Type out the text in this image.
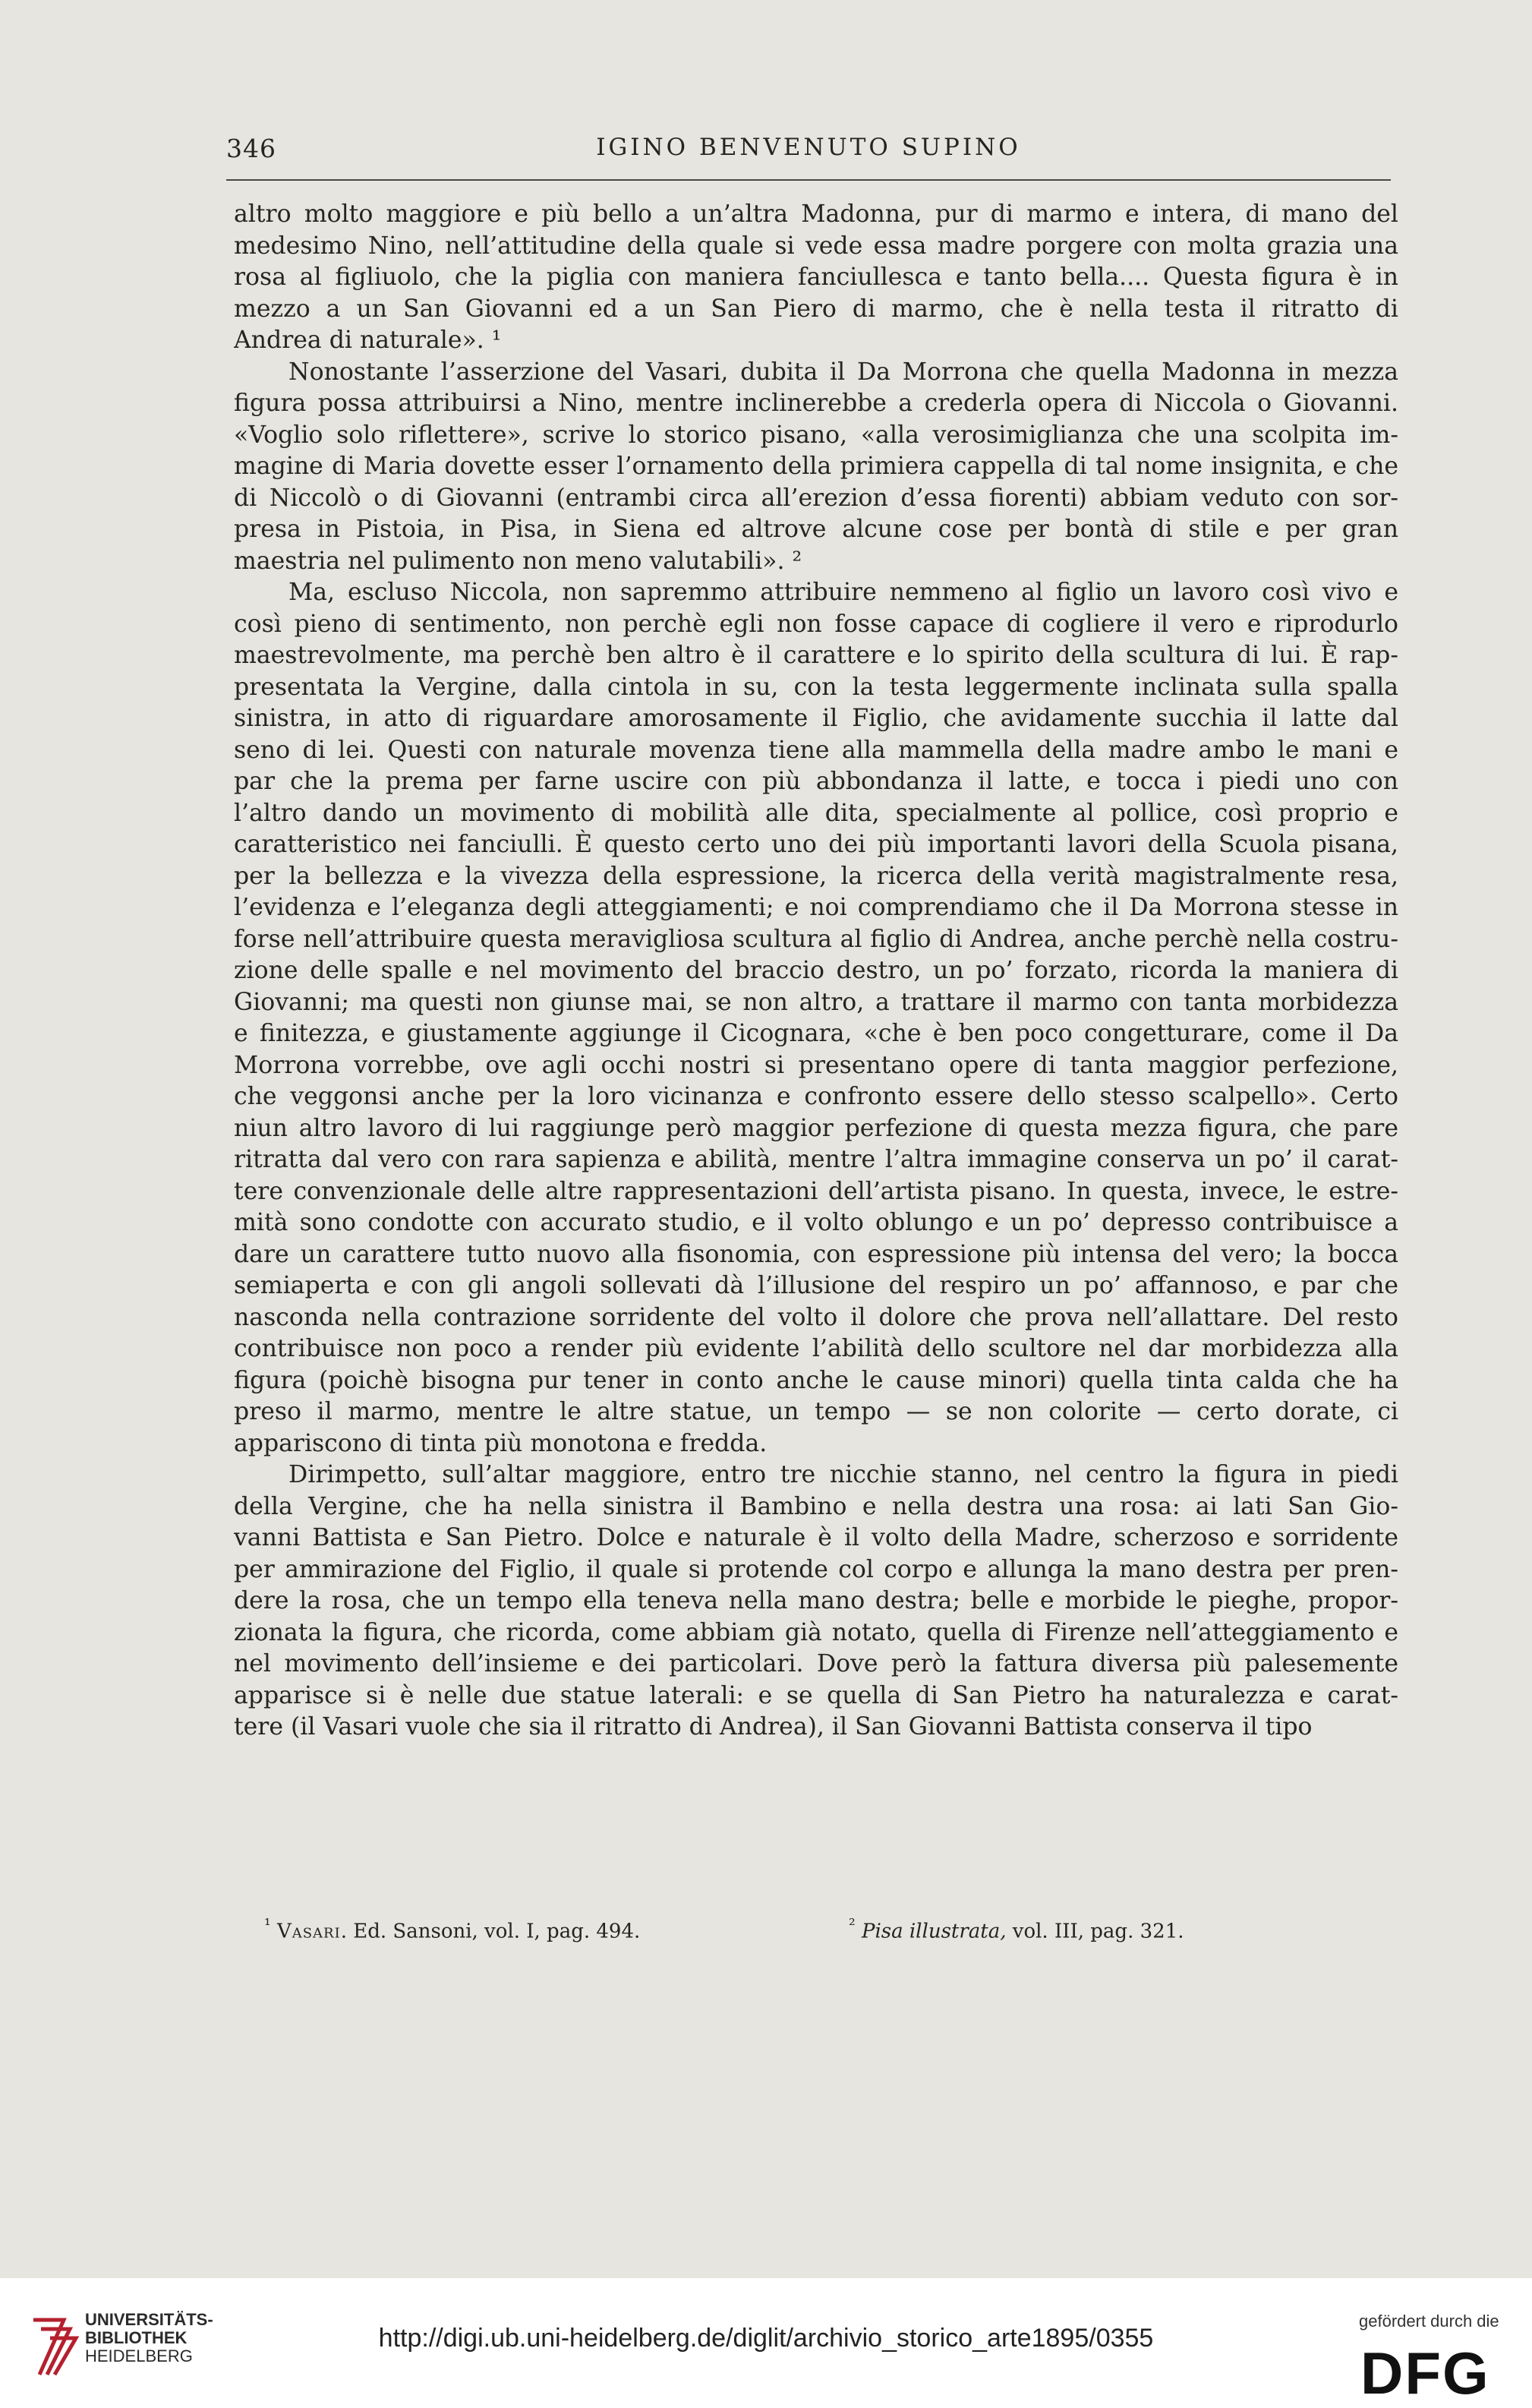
346	IGINO BENVENUTO SUPINO
altro molto maggiore e più bello a un’altra Madonna, pur di marmo e intera, di mano del
medesimo Nino, nell’attitudine della quale si vede essa madre porgere con molta grazia una
rosa al figliuolo, che la piglia con maniera fanciullesca e tanto bella.... Questa figura è in
mezzo a un San Giovanni ed a un San Piero di marmo, che è nella testa il ritratto di
Andrea di naturale». ¹
Nonostante l’asserzione del Vasari, dubita il Da Morrona che quella Madonna in mezza
figura possa attribuirsi a Nino, mentre inclinerebbe a crederla opera di Niccola o Giovanni.
«Voglio solo riflettere», scrive lo storico pisano, «alla verosimiglianza che una scolpita im-
magine di Maria dovette esser l’ornamento della primiera cappella di tal nome insignita, e che
di Niccolò o di Giovanni (entrambi circa all’erezion d’essa fiorenti) abbiam veduto con sor-
presa in Pistoia, in Pisa, in Siena ed altrove alcune cose per bontà di stile e per gran
maestria nel pulimento non meno valutabili». ²
Ma, escluso Niccola, non sapremmo attribuire nemmeno al figlio un lavoro così vivo e
così pieno di sentimento, non perchè egli non fosse capace di cogliere il vero e riprodurlo
maestrevolmente, ma perchè ben altro è il carattere e lo spirito della scultura di lui. È rap-
presentata la Vergine, dalla cintola in su, con la testa leggermente inclinata sulla spalla
sinistra, in atto di riguardare amorosamente il Figlio, che avidamente succhia il latte dal
seno di lei. Questi con naturale movenza tiene alla mammella della madre ambo le mani e
par che la prema per farne uscire con più abbondanza il latte, e tocca i piedi uno con
l’altro dando un movimento di mobilità alle dita, specialmente al pollice, così proprio e
caratteristico nei fanciulli. È questo certo uno dei più importanti lavori della Scuola pisana,
per la bellezza e la vivezza della espressione, la ricerca della verità magistralmente resa,
l’evidenza e l’eleganza degli atteggiamenti; e noi comprendiamo che il Da Morrona stesse in
forse nell’attribuire questa meravigliosa scultura al figlio di Andrea, anche perchè nella costru-
zione delle spalle e nel movimento del braccio destro, un po’ forzato, ricorda la maniera di
Giovanni; ma questi non giunse mai, se non altro, a trattare il marmo con tanta morbidezza
e finitezza, e giustamente aggiunge il Cicognara, «che è ben poco congetturare, come il Da
Morrona vorrebbe, ove agli occhi nostri si presentano opere di tanta maggior perfezione,
che veggonsi anche per la loro vicinanza e confronto essere dello stesso scalpello». Certo
niun altro lavoro di lui raggiunge però maggior perfezione di questa mezza figura, che pare
ritratta dal vero con rara sapienza e abilità, mentre l’altra immagine conserva un po’ il carat-
tere convenzionale delle altre rappresentazioni dell’artista pisano. In questa, invece, le estre-
mità sono condotte con accurato studio, e il volto oblungo e un po’ depresso contribuisce a
dare un carattere tutto nuovo alla fisonomia, con espressione più intensa del vero; la bocca
semiaperta e con gli angoli sollevati dà l’illusione del respiro un po’ affannoso, e par che
nasconda nella contrazione sorridente del volto il dolore che prova nell’allattare. Del resto
contribuisce non poco a render più evidente l’abilità dello scultore nel dar morbidezza alla
figura (poichè bisogna pur tener in conto anche le cause minori) quella tinta calda che ha
preso il marmo, mentre le altre statue, un tempo — se non colorite — certo dorate, ci
appariscono di tinta più monotona e fredda.
Dirimpetto, sull’altar maggiore, entro tre nicchie stanno, nel centro la figura in piedi
della Vergine, che ha nella sinistra il Bambino e nella destra una rosa: ai lati San Gio-
vanni Battista e San Pietro. Dolce e naturale è il volto della Madre, scherzoso e sorridente
per ammirazione del Figlio, il quale si protende col corpo e allunga la mano destra per pren-
dere la rosa, che un tempo ella teneva nella mano destra; belle e morbide le pieghe, propor-
zionata la figura, che ricorda, come abbiam già notato, quella di Firenze nell’atteggiamento e
nel movimento dell’insieme e dei particolari. Dove però la fattura diversa più palesemente
apparisce si è nelle due statue laterali: e se quella di San Pietro ha naturalezza e carat-
tere (il Vasari vuole che sia il ritratto di Andrea), il San Giovanni Battista conserva il tipo
$^{^1}$ Vasari. Ed. Sansoni, vol. I, pag. 494.	$^{^2}$ Pisa illustrata, vol. III, pag. 321.
UNIVERSITÄTS-
BIBLIOTHEK
HEIDELBERG
http://digi.ub.uni-heidelberg.de/diglit/archivio_storico_arte1895/0355
gefördert durch die
DFG
